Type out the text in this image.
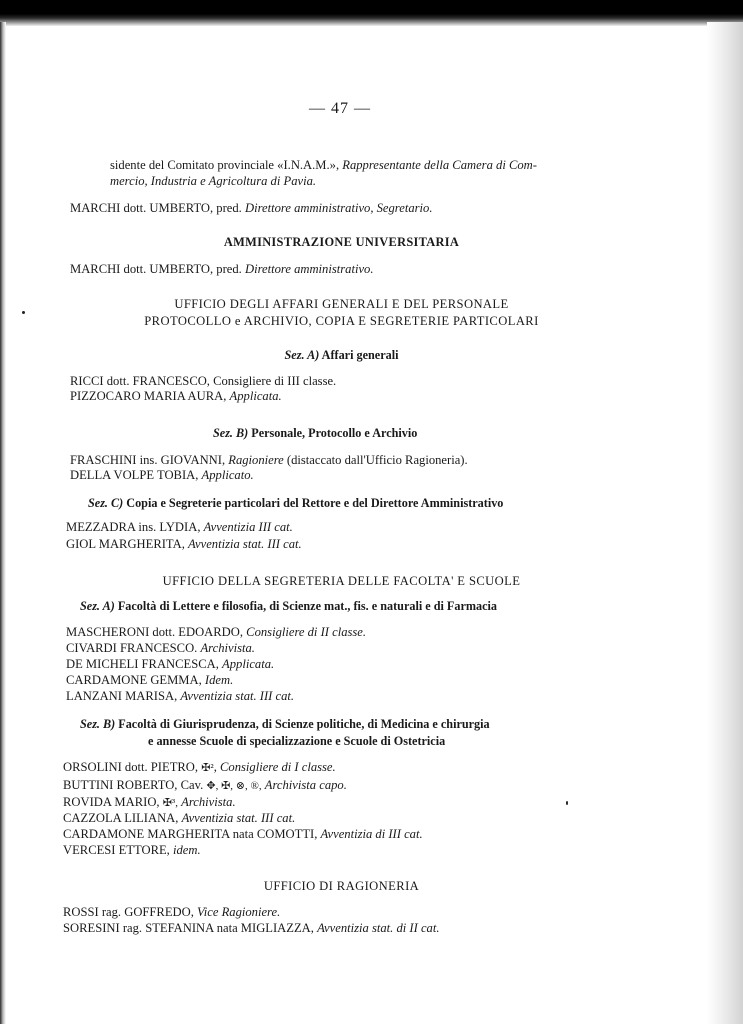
— 47 —
sidente del Comitato provinciale «I.N.A.M.», Rappresentante della Camera di Com-
mercio, Industria e Agricoltura di Pavia.
MARCHI dott. UMBERTO, pred. Direttore amministrativo, Segretario.
AMMINISTRAZIONE UNIVERSITARIA
MARCHI dott. UMBERTO, pred. Direttore amministrativo.
UFFICIO DEGLI AFFARI GENERALI E DEL PERSONALE
PROTOCOLLO e ARCHIVIO, COPIA E SEGRETERIE PARTICOLARI
Sez. A) Affari generali
RICCI dott. FRANCESCO, Consigliere di III classe.
PIZZOCARO MARIA AURA, Applicata.
Sez. B) Personale, Protocollo e Archivio
FRASCHINI ins. GIOVANNI, Ragioniere (distaccato dall'Ufficio Ragioneria).
DELLA VOLPE TOBIA, Applicato.
Sez. C) Copia e Segreterie particolari del Rettore e del Direttore Amministrativo
MEZZADRA ins. LYDIA, Avventizia III cat.
GIOL MARGHERITA, Avventizia stat. III cat.
UFFICIO DELLA SEGRETERIA DELLE FACOLTA' E SCUOLE
Sez. A) Facoltà di Lettere e filosofia, di Scienze mat., fis. e naturali e di Farmacia
MASCHERONI dott. EDOARDO, Consigliere di II classe.
CIVARDI FRANCESCO. Archivista.
DE MICHELI FRANCESCA, Applicata.
CARDAMONE GEMMA, Idem.
LANZANI MARISA, Avventizia stat. III cat.
Sez. B) Facoltà di Giurisprudenza, di Scienze politiche, di Medicina e chirurgia
e annesse Scuole di specializzazione e Scuole di Ostetricia
ORSOLINI dott. PIETRO, ✠², Consigliere di I classe.
BUTTINI ROBERTO, Cav. ✥, ✠, ⊗, ®, Archivista capo.
ROVIDA MARIO, ✠³, Archivista.
CAZZOLA LILIANA, Avventizia stat. III cat.
CARDAMONE MARGHERITA nata COMOTTI, Avventizia di III cat.
VERCESI ETTORE, idem.
UFFICIO DI RAGIONERIA
ROSSI rag. GOFFREDO, Vice Ragioniere.
SORESINI rag. STEFANINA nata MIGLIAZZA, Avventizia stat. di II cat.
